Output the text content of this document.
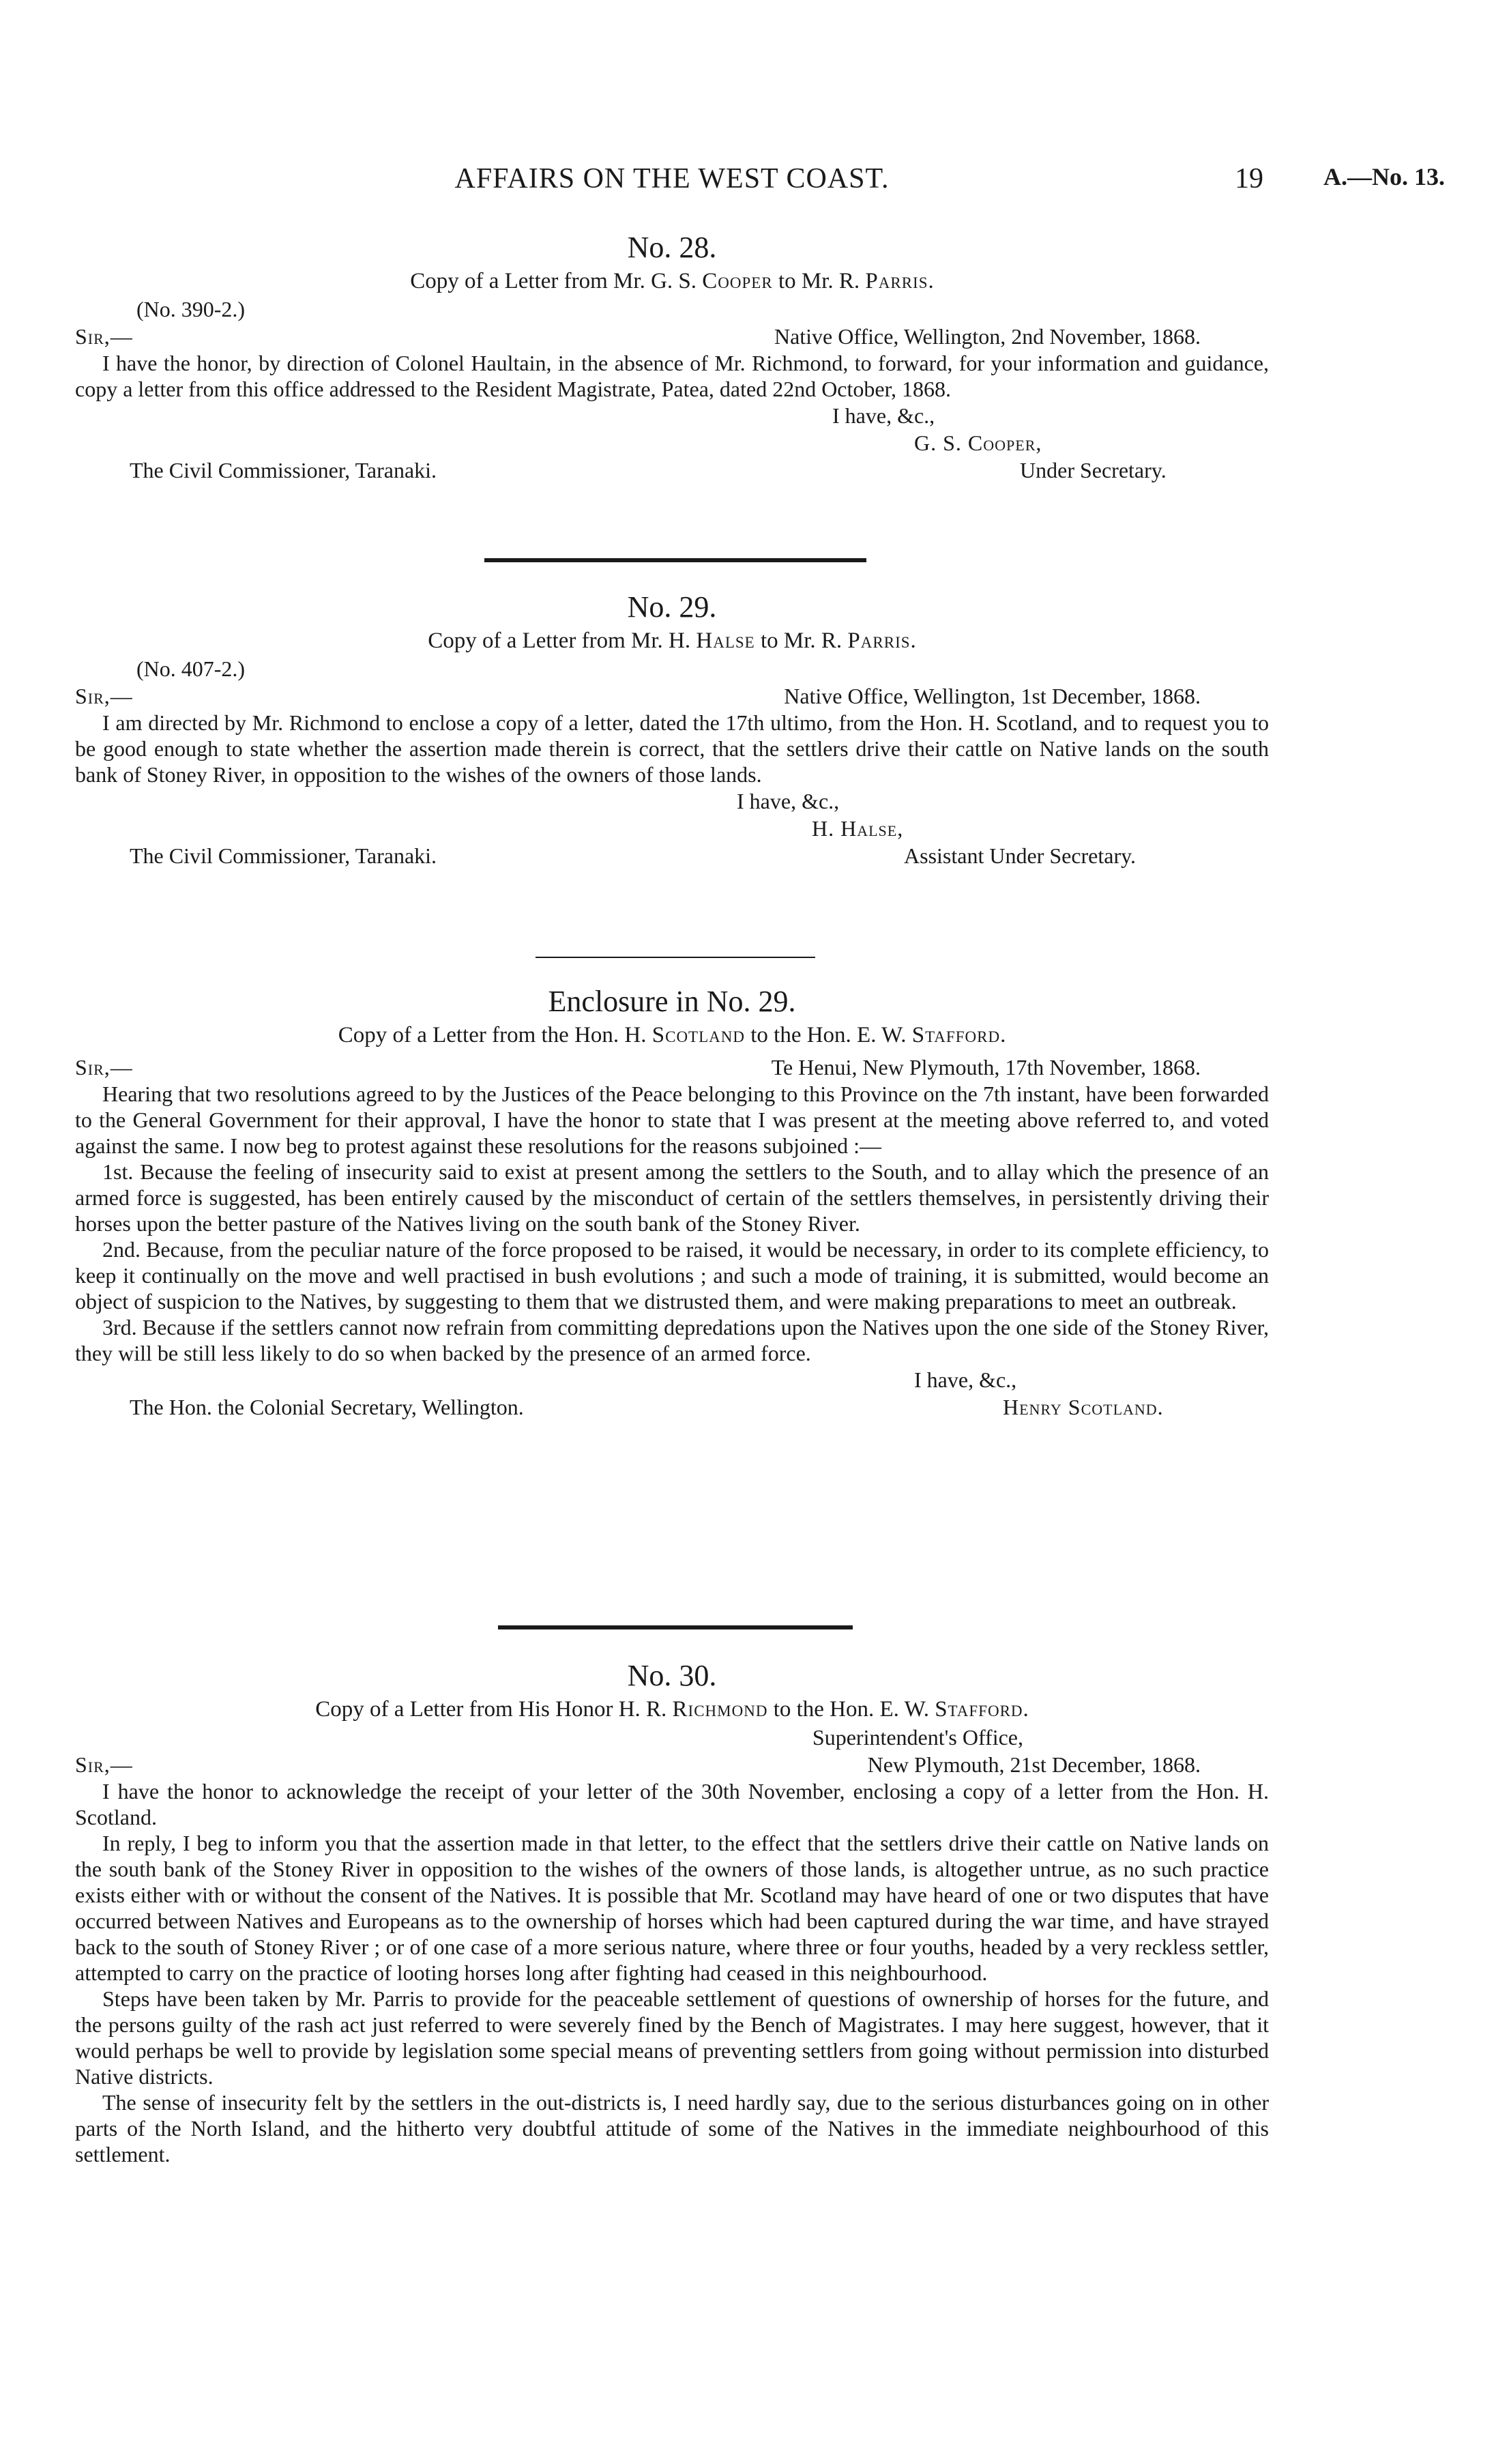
AFFAIRS ON THE WEST COAST.	19 A.—No. 13.

No. 28.

Copy of a Letter from Mr. G. S. Cooper to Mr. R. Parris.

(No. 390-2.)
Sir,—	Native Office, Wellington, 2nd November, 1868.

I have the honor, by direction of Colonel Haultain, in the absence of Mr. Richmond, to forward, for your information and guidance, copy a letter from this office addressed to the Resident Magistrate, Patea, dated 22nd October, 1868.

I have, &c.,
G. S. Cooper,
The Civil Commissioner, Taranaki.	Under Secretary.

No. 29.

Copy of a Letter from Mr. H. Halse to Mr. R. Parris.

(No. 407-2.)
Sir,—	Native Office, Wellington, 1st December, 1868.

I am directed by Mr. Richmond to enclose a copy of a letter, dated the 17th ultimo, from the Hon. H. Scotland, and to request you to be good enough to state whether the assertion made therein is correct, that the settlers drive their cattle on Native lands on the south bank of Stoney River, in opposition to the wishes of the owners of those lands.

I have, &c.,
H. Halse,
The Civil Commissioner, Taranaki.	Assistant Under Secretary.

Enclosure in No. 29.

Copy of a Letter from the Hon. H. Scotland to the Hon. E. W. Stafford.

Sir,—	Te Henui, New Plymouth, 17th November, 1868.

Hearing that two resolutions agreed to by the Justices of the Peace belonging to this Province on the 7th instant, have been forwarded to the General Government for their approval, I have the honor to state that I was present at the meeting above referred to, and voted against the same. I now beg to protest against these resolutions for the reasons subjoined :—

1st. Because the feeling of insecurity said to exist at present among the settlers to the South, and to allay which the presence of an armed force is suggested, has been entirely caused by the misconduct of certain of the settlers themselves, in persistently driving their horses upon the better pasture of the Natives living on the south bank of the Stoney River.

2nd. Because, from the peculiar nature of the force proposed to be raised, it would be necessary, in order to its complete efficiency, to keep it continually on the move and well practised in bush evolutions ; and such a mode of training, it is submitted, would become an object of suspicion to the Natives, by suggesting to them that we distrusted them, and were making preparations to meet an outbreak.

3rd. Because if the settlers cannot now refrain from committing depredations upon the Natives upon the one side of the Stoney River, they will be still less likely to do so when backed by the presence of an armed force.

I have, &c.,
The Hon. the Colonial Secretary, Wellington.	Henry Scotland.

No. 30.

Copy of a Letter from His Honor H. R. Richmond to the Hon. E. W. Stafford.

Superintendent's Office,
Sir,—	New Plymouth, 21st December, 1868.

I have the honor to acknowledge the receipt of your letter of the 30th November, enclosing a copy of a letter from the Hon. H. Scotland.

In reply, I beg to inform you that the assertion made in that letter, to the effect that the settlers drive their cattle on Native lands on the south bank of the Stoney River in opposition to the wishes of the owners of those lands, is altogether untrue, as no such practice exists either with or without the consent of the Natives. It is possible that Mr. Scotland may have heard of one or two disputes that have occurred between Natives and Europeans as to the ownership of horses which had been captured during the war time, and have strayed back to the south of Stoney River ; or of one case of a more serious nature, where three or four youths, headed by a very reckless settler, attempted to carry on the practice of looting horses long after fighting had ceased in this neighbourhood.

Steps have been taken by Mr. Parris to provide for the peaceable settlement of questions of ownership of horses for the future, and the persons guilty of the rash act just referred to were severely fined by the Bench of Magistrates. I may here suggest, however, that it would perhaps be well to provide by legislation some special means of preventing settlers from going without permission into disturbed Native districts.

The sense of insecurity felt by the settlers in the out-districts is, I need hardly say, due to the serious disturbances going on in other parts of the North Island, and the hitherto very doubtful attitude of some of the Natives in the immediate neighbourhood of this settlement.
